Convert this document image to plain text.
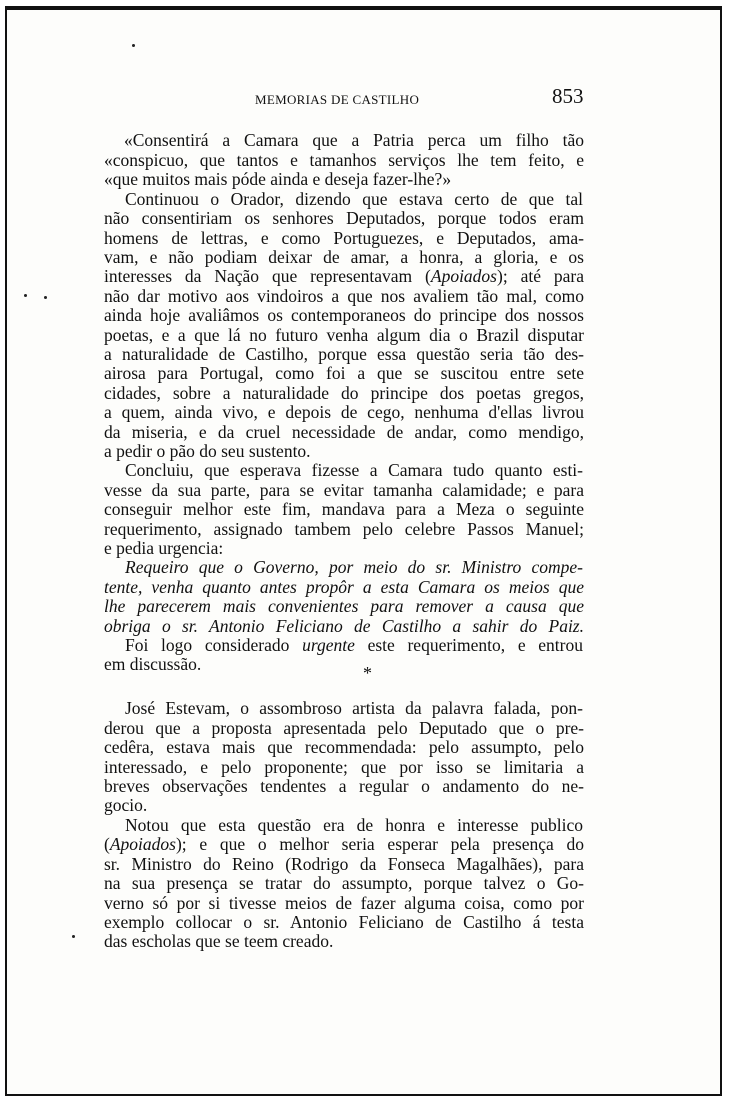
MEMORIAS DE CASTILHO	853
«Consentirá a Camara que a Patria perca um filho tão
«conspicuo, que tantos e tamanhos serviços lhe tem feito, e
«que muitos mais póde ainda e deseja fazer-lhe?»
Continuou o Orador, dizendo que estava certo de que tal
não consentiriam os senhores Deputados, porque todos eram
homens de lettras, e como Portuguezes, e Deputados, ama-
vam, e não podiam deixar de amar, a honra, a gloria, e os
interesses da Nação que representavam (Apoiados); até para
não dar motivo aos vindoiros a que nos avaliem tão mal, como
ainda hoje avaliâmos os contemporaneos do principe dos nossos
poetas, e a que lá no futuro venha algum dia o Brazil disputar
a naturalidade de Castilho, porque essa questão seria tão des-
airosa para Portugal, como foi a que se suscitou entre sete
cidades, sobre a naturalidade do principe dos poetas gregos,
a quem, ainda vivo, e depois de cego, nenhuma d'ellas livrou
da miseria, e da cruel necessidade de andar, como mendigo,
a pedir o pão do seu sustento.
Concluiu, que esperava fizesse a Camara tudo quanto esti-
vesse da sua parte, para se evitar tamanha calamidade; e para
conseguir melhor este fim, mandava para a Meza o seguinte
requerimento, assignado tambem pelo celebre Passos Manuel;
e pedia urgencia:
Requeiro que o Governo, por meio do sr. Ministro compe-
tente, venha quanto antes propôr a esta Camara os meios que
lhe parecerem mais convenientes para remover a causa que
obriga o sr. Antonio Feliciano de Castilho a sahir do Paiz.
Foi logo considerado urgente este requerimento, e entrou
em discussão.	*
José Estevam, o assombroso artista da palavra falada, pon-
derou que a proposta apresentada pelo Deputado que o pre-
cedêra, estava mais que recommendada: pelo assumpto, pelo
interessado, e pelo proponente; que por isso se limitaria a
breves observações tendentes a regular o andamento do ne-
gocio.
Notou que esta questão era de honra e interesse publico
(Apoiados); e que o melhor seria esperar pela presença do
sr. Ministro do Reino (Rodrigo da Fonseca Magalhães), para
na sua presença se tratar do assumpto, porque talvez o Go-
verno só por si tivesse meios de fazer alguma coisa, como por
exemplo collocar o sr. Antonio Feliciano de Castilho á testa
das escholas que se teem creado.
